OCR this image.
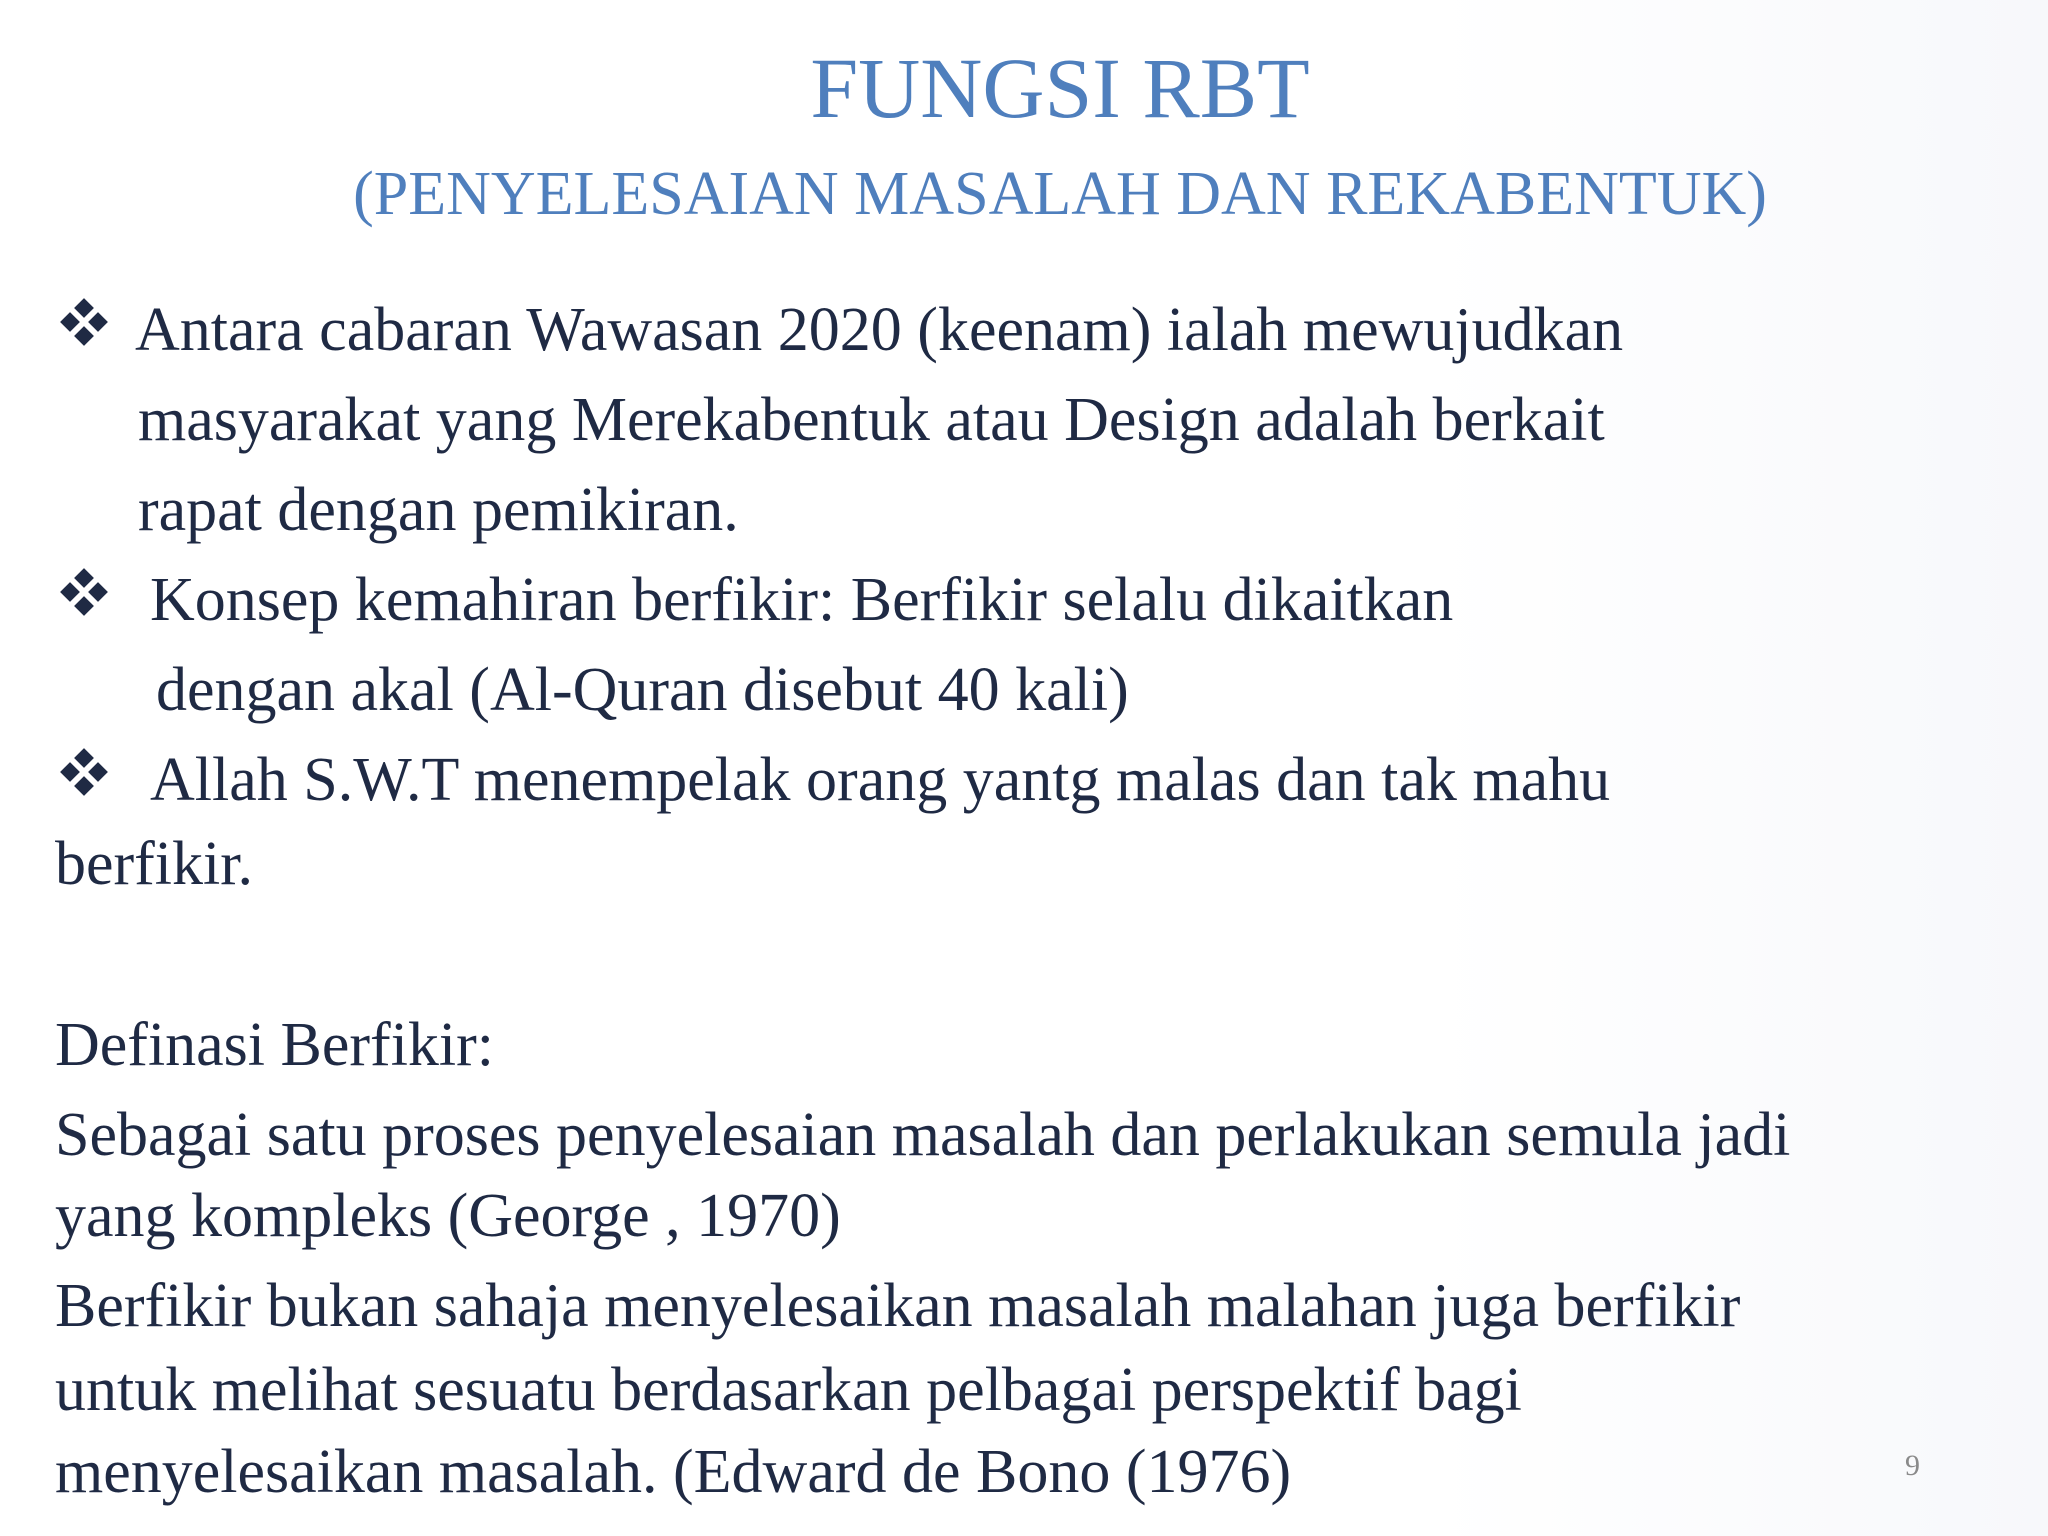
FUNGSI RBT
(PENYELESAIAN MASALAH DAN REKABENTUK)
Antara cabaran Wawasan 2020 (keenam) ialah mewujudkan
masyarakat yang Merekabentuk atau Design adalah berkait
rapat dengan pemikiran.
Konsep kemahiran berfikir: Berfikir selalu dikaitkan
dengan akal (Al-Quran disebut 40 kali)
Allah S.W.T menempelak orang yantg malas dan tak mahu
berfikir.
Definasi Berfikir:
Sebagai satu proses penyelesaian masalah dan perlakukan semula jadi
yang kompleks (George , 1970)
Berfikir bukan sahaja menyelesaikan masalah malahan juga berfikir
untuk melihat sesuatu berdasarkan pelbagai perspektif bagi
menyelesaikan masalah. (Edward de Bono (1976)	9
